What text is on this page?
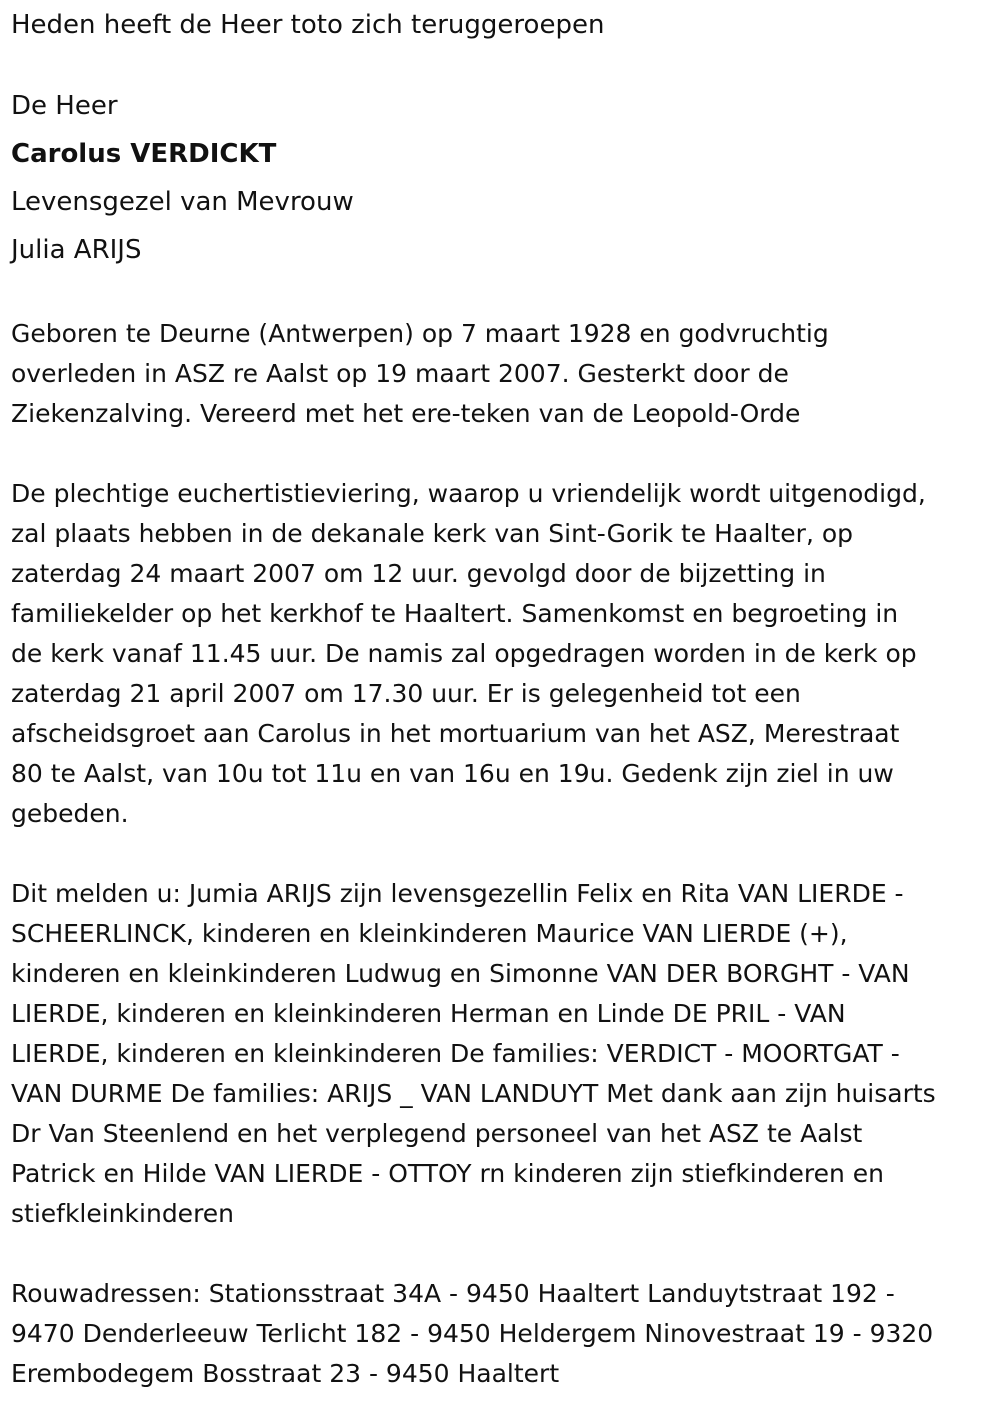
Heden heeft de Heer toto zich teruggeroepen

De Heer

Carolus VERDICKT

Levensgezel van Mevrouw

Julia ARIJS

Geboren te Deurne (Antwerpen) op 7 maart 1928 en godvruchtig

overleden in ASZ re Aalst op 19 maart 2007. Gesterkt door de

Ziekenzalving. Vereerd met het ere-teken van de Leopold-Orde

De plechtige euchertistieviering, waarop u vriendelijk wordt uitgenodigd,

zal plaats hebben in de dekanale kerk van Sint-Gorik te Haalter, op

zaterdag 24 maart 2007 om 12 uur. gevolgd door de bijzetting in

familiekelder op het kerkhof te Haaltert. Samenkomst en begroeting in

de kerk vanaf 11.45 uur. De namis zal opgedragen worden in de kerk op

zaterdag 21 april 2007 om 17.30 uur. Er is gelegenheid tot een

afscheidsgroet aan Carolus in het mortuarium van het ASZ, Merestraat

80 te Aalst, van 10u tot 11u en van 16u en 19u. Gedenk zijn ziel in uw

gebeden.

Dit melden u: Jumia ARIJS zijn levensgezellin Felix en Rita VAN LIERDE -

SCHEERLINCK, kinderen en kleinkinderen Maurice VAN LIERDE (+),

kinderen en kleinkinderen Ludwug en Simonne VAN DER BORGHT - VAN

LIERDE, kinderen en kleinkinderen Herman en Linde DE PRIL - VAN

LIERDE, kinderen en kleinkinderen De families: VERDICT - MOORTGAT -

VAN DURME De families: ARIJS _ VAN LANDUYT Met dank aan zijn huisarts

Dr Van Steenlend en het verplegend personeel van het ASZ te Aalst

Patrick en Hilde VAN LIERDE - OTTOY rn kinderen zijn stiefkinderen en

stiefkleinkinderen

Rouwadressen: Stationsstraat 34A - 9450 Haaltert Landuytstraat 192 -

9470 Denderleeuw Terlicht 182 - 9450 Heldergem Ninovestraat 19 - 9320

Erembodegem Bosstraat 23 - 9450 Haaltert
